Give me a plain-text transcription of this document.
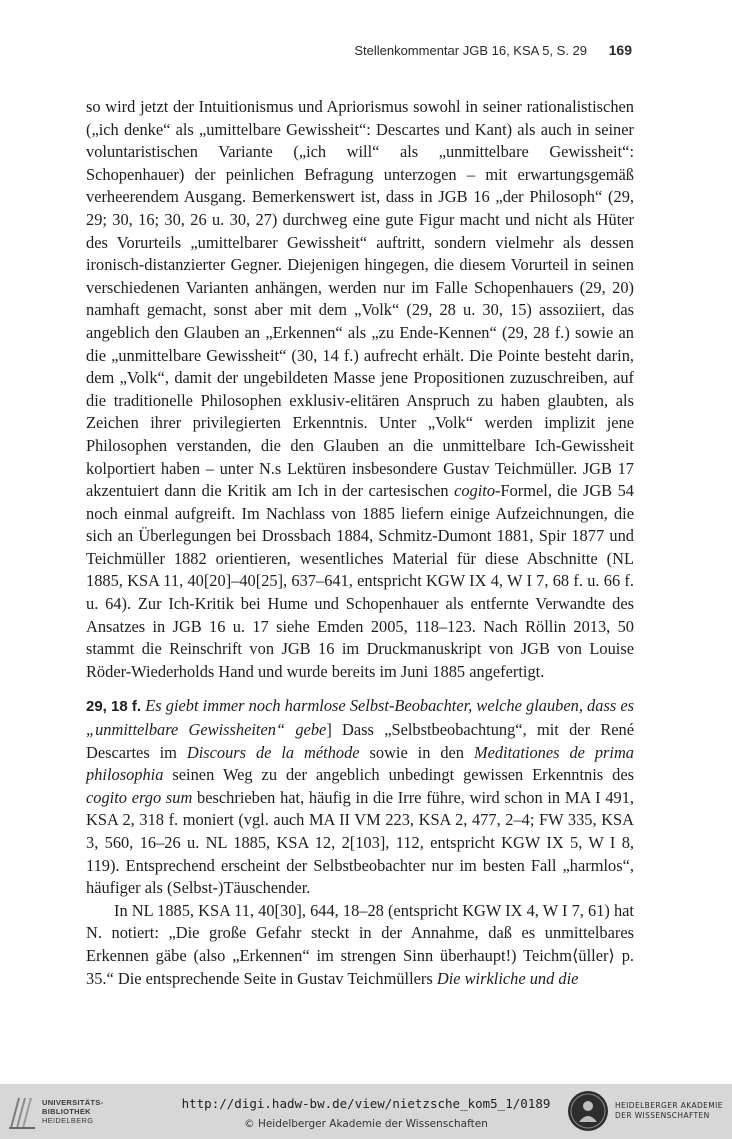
Stellenkommentar JGB 16, KSA 5, S. 29 169

so wird jetzt der Intuitionismus und Apriorismus sowohl in seiner rationalistischen („ich denke“ als „umittelbare Gewissheit“: Descartes und Kant) als auch in seiner voluntaristischen Variante („ich will“ als „unmittelbare Gewissheit“: Schopenhauer) der peinlichen Befragung unterzogen – mit erwartungsgemäß verheerendem Ausgang. Bemerkenswert ist, dass in JGB 16 „der Philosoph“ (29, 29; 30, 16; 30, 26 u. 30, 27) durchweg eine gute Figur macht und nicht als Hüter des Vorurteils „umittelbarer Gewissheit“ auftritt, sondern vielmehr als dessen ironisch-distanzierter Gegner. Diejenigen hingegen, die diesem Vorurteil in seinen verschiedenen Varianten anhängen, werden nur im Falle Schopenhauers (29, 20) namhaft gemacht, sonst aber mit dem „Volk“ (29, 28 u. 30, 15) assoziiert, das angeblich den Glauben an „Erkennen“ als „zu Ende-Kennen“ (29, 28 f.) sowie an die „unmittelbare Gewissheit“ (30, 14 f.) aufrecht erhält. Die Pointe besteht darin, dem „Volk“, damit der ungebildeten Masse jene Propositionen zuzuschreiben, auf die traditionelle Philosophen exklusiv-elitären Anspruch zu haben glaubten, als Zeichen ihrer privilegierten Erkenntnis. Unter „Volk“ werden implizit jene Philosophen verstanden, die den Glauben an die unmittelbare Ich-Gewissheit kolportiert haben – unter N.s Lektüren insbesondere Gustav Teichmüller. JGB 17 akzentuiert dann die Kritik am Ich in der cartesischen cogito-Formel, die JGB 54 noch einmal aufgreift. Im Nachlass von 1885 liefern einige Aufzeichnungen, die sich an Überlegungen bei Drossbach 1884, Schmitz-Dumont 1881, Spir 1877 und Teichmüller 1882 orientieren, wesentliches Material für diese Abschnitte (NL 1885, KSA 11, 40[20]–40[25], 637–641, entspricht KGW IX 4, W I 7, 68 f. u. 66 f. u. 64). Zur Ich-Kritik bei Hume und Schopenhauer als entfernte Verwandte des Ansatzes in JGB 16 u. 17 siehe Emden 2005, 118–123. Nach Röllin 2013, 50 stammt die Reinschrift von JGB 16 im Druckmanuskript von JGB von Louise Röder-Wiederholds Hand und wurde bereits im Juni 1885 angefertigt.

29, 18 f. Es giebt immer noch harmlose Selbst-Beobachter, welche glauben, dass es „unmittelbare Gewissheiten“ gebe] Dass „Selbstbeobachtung“, mit der René Descartes im Discours de la méthode sowie in den Meditationes de prima philosophia seinen Weg zu der angeblich unbedingt gewissen Erkenntnis des cogito ergo sum beschrieben hat, häufig in die Irre führe, wird schon in MA I 491, KSA 2, 318 f. moniert (vgl. auch MA II VM 223, KSA 2, 477, 2–4; FW 335, KSA 3, 560, 16–26 u. NL 1885, KSA 12, 2[103], 112, entspricht KGW IX 5, W I 8, 119). Entsprechend erscheint der Selbstbeobachter nur im besten Fall „harmlos“, häufiger als (Selbst-)Täuschender.

In NL 1885, KSA 11, 40[30], 644, 18–28 (entspricht KGW IX 4, W I 7, 61) hat N. notiert: „Die große Gefahr steckt in der Annahme, daß es unmittelbares Erkennen gäbe (also „Erkennen“ im strengen Sinn überhaupt!) Teichm⟨üller⟩ p. 35.“ Die entsprechende Seite in Gustav Teichmüllers Die wirkliche und die

UNIVERSITÄTS-
BIBLIOTHEK
HEIDELBERG
http://digi.hadw-bw.de/view/nietzsche_kom5_1/0189
© Heidelberger Akademie der Wissenschaften
HEIDELBERGER AKADEMIE
DER WISSENSCHAFTEN
